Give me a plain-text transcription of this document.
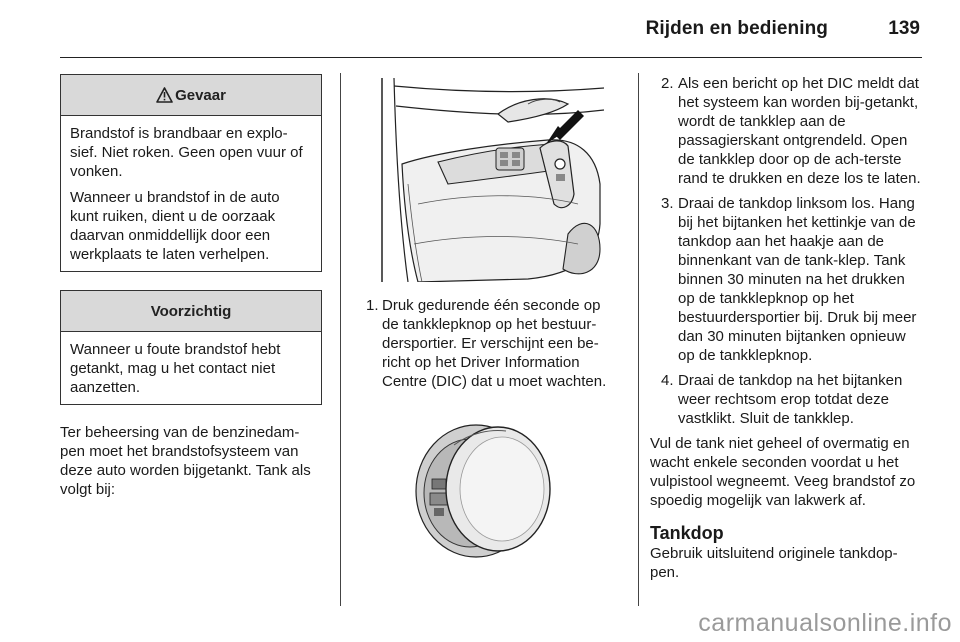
Rijden en bediening	139
Gevaar

Brandstof is brandbaar en explo-sief. Niet roken. Geen open vuur of vonken.

Wanneer u brandstof in de auto kunt ruiken, dient u de oorzaak daarvan onmiddellijk door een werkplaats te laten verhelpen.

Voorzichtig

Wanneer u foute brandstof hebt getankt, mag u het contact niet aanzetten.

Ter beheersing van de benzinedam-pen moet het brandstofsysteem van deze auto worden bijgetankt. Tank als volgt bij:

1. Druk gedurende één seconde op de tankklepknop op het bestuur-dersportier. Er verschijnt een be-richt op het Driver Information Centre (DIC) dat u moet wachten.
2. Als een bericht op het DIC meldt dat het systeem kan worden bij-getankt, wordt de tankklep aan de passagierskant ontgrendeld. Open de tankklep door op de ach-terste rand te drukken en deze los te laten.
3. Draai de tankdop linksom los. Hang bij het bijtanken het kettinkje van de tankdop aan het haakje aan de binnenkant van de tank-klep. Tank binnen 30 minuten na het drukken op de tankklepknop op het bestuurdersportier bij. Druk bij meer dan 30 minuten bijtanken opnieuw op de tankklepknop.
4. Draai de tankdop na het bijtanken weer rechtsom erop totdat deze vastklikt. Sluit de tankklep.

Vul de tank niet geheel of overmatig en wacht enkele seconden voordat u het vulpistool wegneemt. Veeg brandstof zo spoedig mogelijk van lakwerk af.

Tankdop

Gebruik uitsluitend originele tankdop-pen.

carmanualsonline.info
